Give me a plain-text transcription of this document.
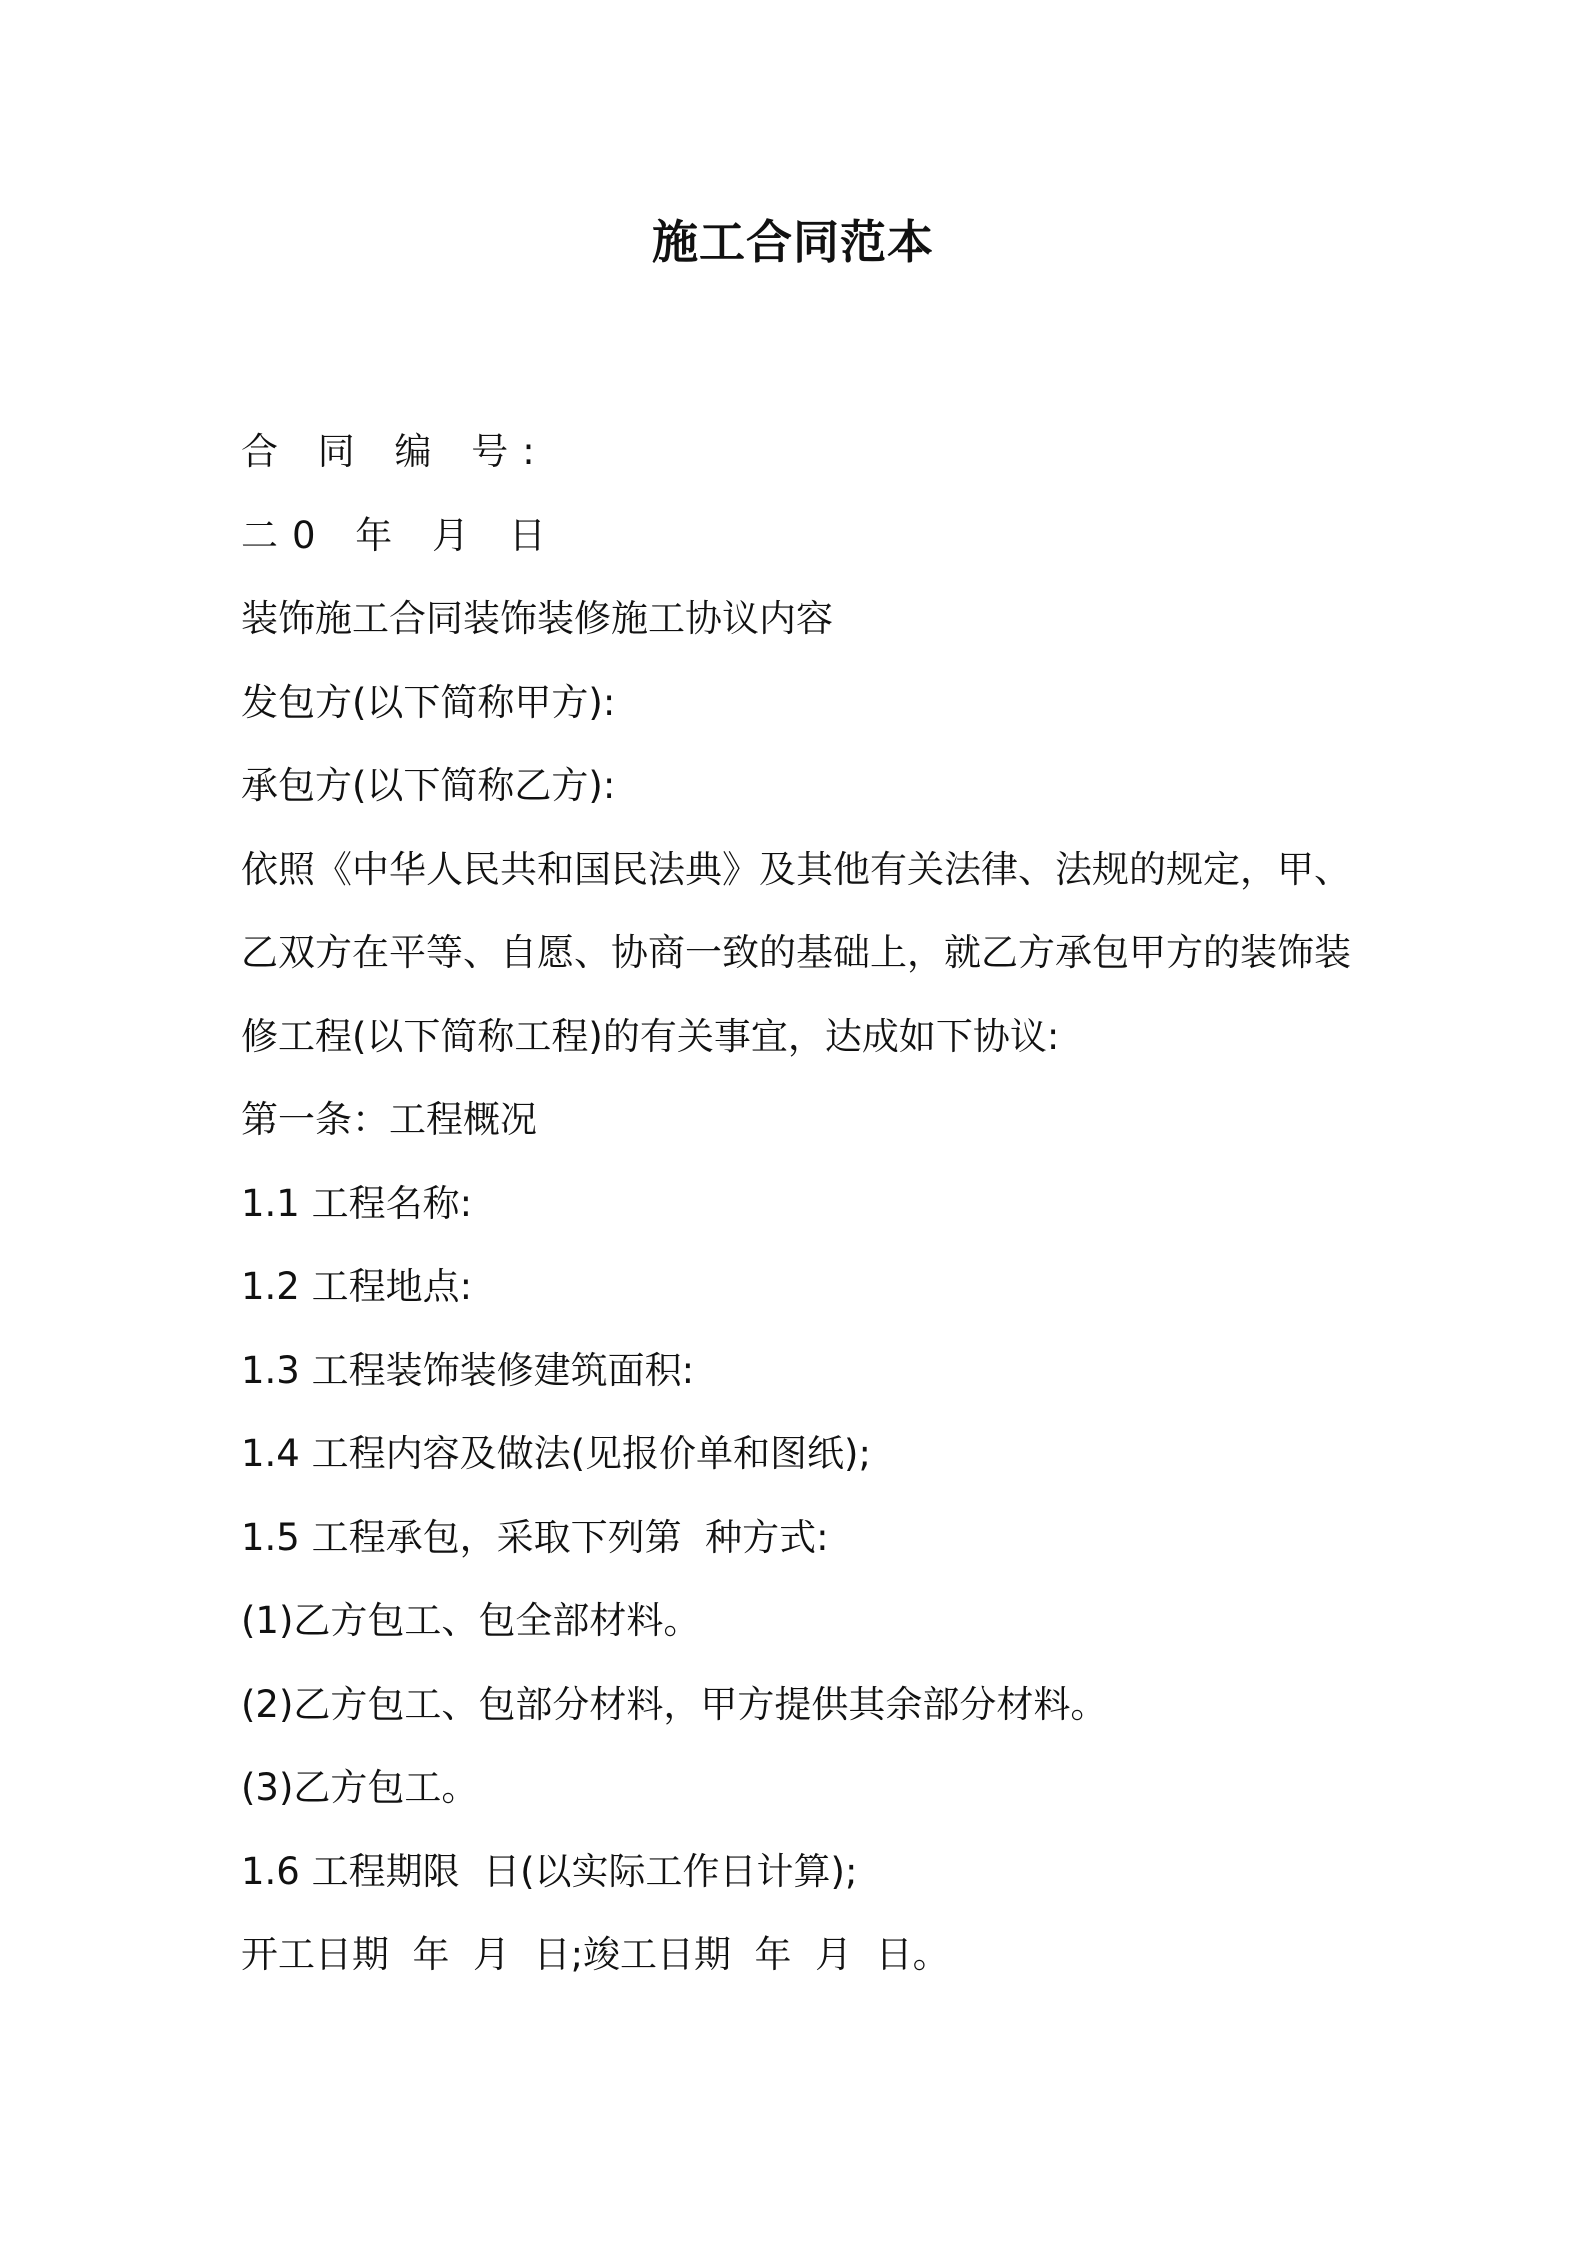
施工合同范本

合 同 编 号:

二0 年 月 日

装饰施工合同装饰装修施工协议内容

发包方(以下简称甲方):

承包方(以下简称乙方):

依照《中华人民共和国民法典》及其他有关法律、法规的规定，甲、

乙双方在平等、自愿、协商一致的基础上，就乙方承包甲方的装饰装

修工程(以下简称工程)的有关事宜，达成如下协议:

第一条：工程概况

1.1 工程名称:

1.2 工程地点:

1.3 工程装饰装修建筑面积:

1.4 工程内容及做法(见报价单和图纸);

1.5 工程承包，采取下列第  种方式:

(1)乙方包工、包全部材料。

(2)乙方包工、包部分材料，甲方提供其余部分材料。

(3)乙方包工。

1.6 工程期限  日(以实际工作日计算);

开工日期  年  月  日;竣工日期  年  月  日。
